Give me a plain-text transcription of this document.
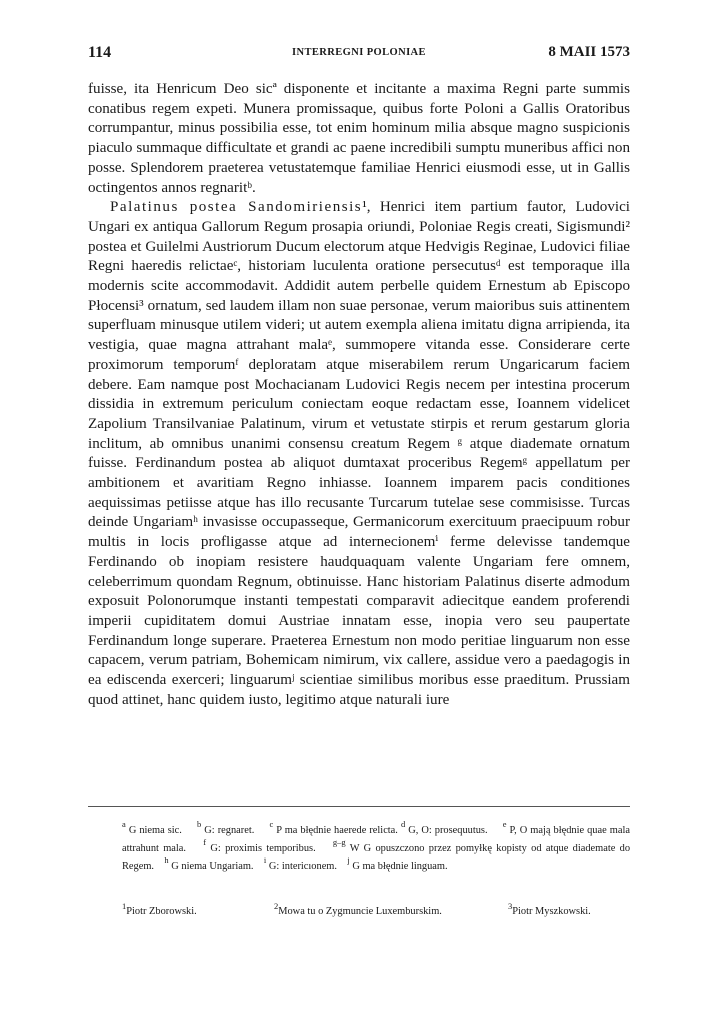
114	INTERREGNI POLONIAE	8 MAII 1573

fuisse, ita Henricum Deo sicª disponente et incitante a maxima Regni parte summis conatibus regem expeti. Munera promissaque, quibus forte Poloni a Gallis Oratoribus corrumpantur, minus possibilia esse, tot enim hominum milia absque magno suspicionis piaculo summaque difficultate et grandi ac paene incredibili sumptu muneribus affici non posse. Splendorem praeterea vetustatemque familiae Henrici eiusmodi esse, ut in Gallis octingentos annos regnaritᵇ.

Palatinus postea Sandomiriensis¹, Henrici item partium fautor, Ludovici Ungari ex antiqua Gallorum Regum prosapia oriundi, Poloniae Regis creati, Sigismundi² postea et Guilelmi Austriorum Ducum electorum atque Hedvigis Reginae, Ludovici filiae Regni haeredis relictaeᶜ, historiam luculenta oratione persecutusᵈ est temporaque illa modernis scite accommodavit. Addidit autem perbelle quidem Ernestum ab Episcopo Płocensi³ ornatum, sed laudem illam non suae personae, verum maioribus suis attinentem superfluam minusque utilem videri; ut autem exempla aliena imitatu digna arripienda, ita vestigia, quae magna attrahant malaᵉ, summopere vitanda esse. Considerare certe proximorum temporumᶠ deploratam atque miserabilem rerum Ungaricarum faciem debere. Eam namque post Mochacianam Ludovici Regis necem per intestina procerum dissidia in extremum periculum coniectam eoque redactam esse, Ioannem videlicet Zapolium Transilvaniae Palatinum, virum et vetustate stirpis et rerum gestarum gloria inclitum, ab omnibus unanimi consensu creatum Regem ᵍ atque diademate ornatum fuisse. Ferdinandum postea ab aliquot dumtaxat proceribus Regemᵍ appellatum per ambitionem et avaritiam Regno inhiasse. Ioannem imparem pacis conditiones aequissimas petiisse atque has illo recusante Turcarum tutelae sese commisisse. Turcas deinde Ungariamʰ invasisse occupasseque, Germanicorum exercituum praecipuum robur multis in locis profligasse atque ad internecionemⁱ ferme delevisse tandemque Ferdinando ob inopiam resistere haudquaquam valente Ungariam fere omnem, celeberrimum quondam Regnum, obtinuisse. Hanc historiam Palatinus diserte admodum exposuit Polonorumque instanti tempestati comparavit adiecitque eandem proferendi imperii cupiditatem domui Austriae innatam esse, inopia vero seu paupertate Ferdinandum longe superare. Praeterea Ernestum non modo peritiae linguarum non esse capacem, verum patriam, Bohemicam nimirum, vix callere, assidue vero a paedagogis in ea ediscenda exerceri; linguarumʲ scientiae similibus moribus esse praeditum. Prussiam quod attinet, hanc quidem iusto, legitimo atque naturali iure

$^a$ G niema sic.     $^b$ G: regnaret.     $^c$ P ma błędnie haerede relicta. $^d$ G, O: prosequutus.     $^e$ P, O mają błędnie quae mala attrahunt mala.    $^f$ G: proximis temporibus.    $^{g-g}$ W G opuszczono przez pomyłkę kopisty od atque diademate do Regem.    $^h$ G niema Ungariam.    $^i$ G: intericıonem.    $^j$ G ma błędnie linguam.
$^1$ Piotr Zborowski.	$^2$ Mowa tu o Zygmuncie Luxemburskim.	$^3$ Piotr Myszkowski.
